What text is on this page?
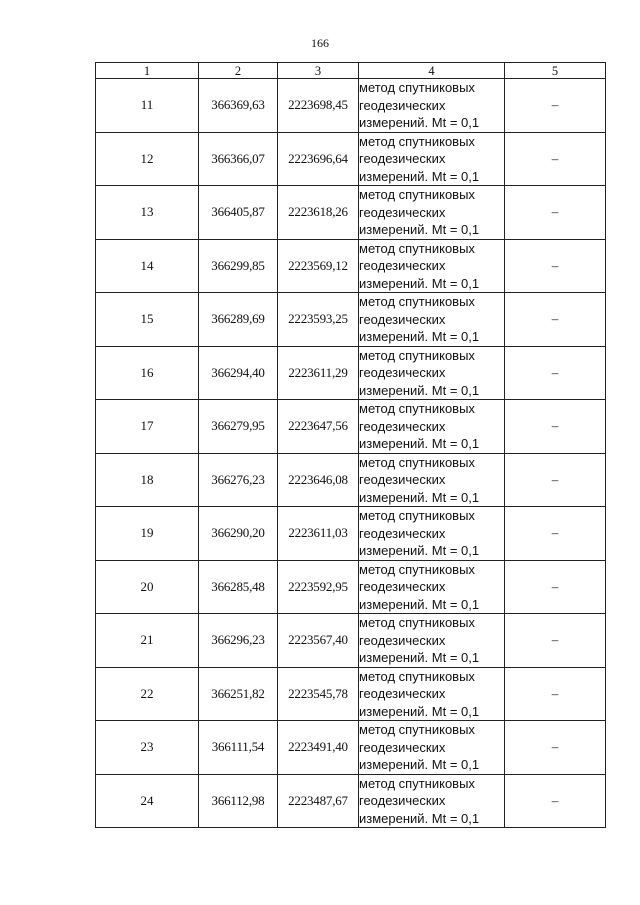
166
1	2	3	4	5
11	366369,63	2223698,45	метод спутниковых
геодезических
измерений. Mt = 0,1	–
12	366366,07	2223696,64	метод спутниковых
геодезических
измерений. Mt = 0,1	–
13	366405,87	2223618,26	метод спутниковых
геодезических
измерений. Mt = 0,1	–
14	366299,85	2223569,12	метод спутниковых
геодезических
измерений. Mt = 0,1	–
15	366289,69	2223593,25	метод спутниковых
геодезических
измерений. Mt = 0,1	–
16	366294,40	2223611,29	метод спутниковых
геодезических
измерений. Mt = 0,1	–
17	366279,95	2223647,56	метод спутниковых
геодезических
измерений. Mt = 0,1	–
18	366276,23	2223646,08	метод спутниковых
геодезических
измерений. Mt = 0,1	–
19	366290,20	2223611,03	метод спутниковых
геодезических
измерений. Mt = 0,1	–
20	366285,48	2223592,95	метод спутниковых
геодезических
измерений. Mt = 0,1	–
21	366296,23	2223567,40	метод спутниковых
геодезических
измерений. Mt = 0,1	–
22	366251,82	2223545,78	метод спутниковых
геодезических
измерений. Mt = 0,1	–
23	366111,54	2223491,40	метод спутниковых
геодезических
измерений. Mt = 0,1	–
24	366112,98	2223487,67	метод спутниковых
геодезических
измерений. Mt = 0,1	–
